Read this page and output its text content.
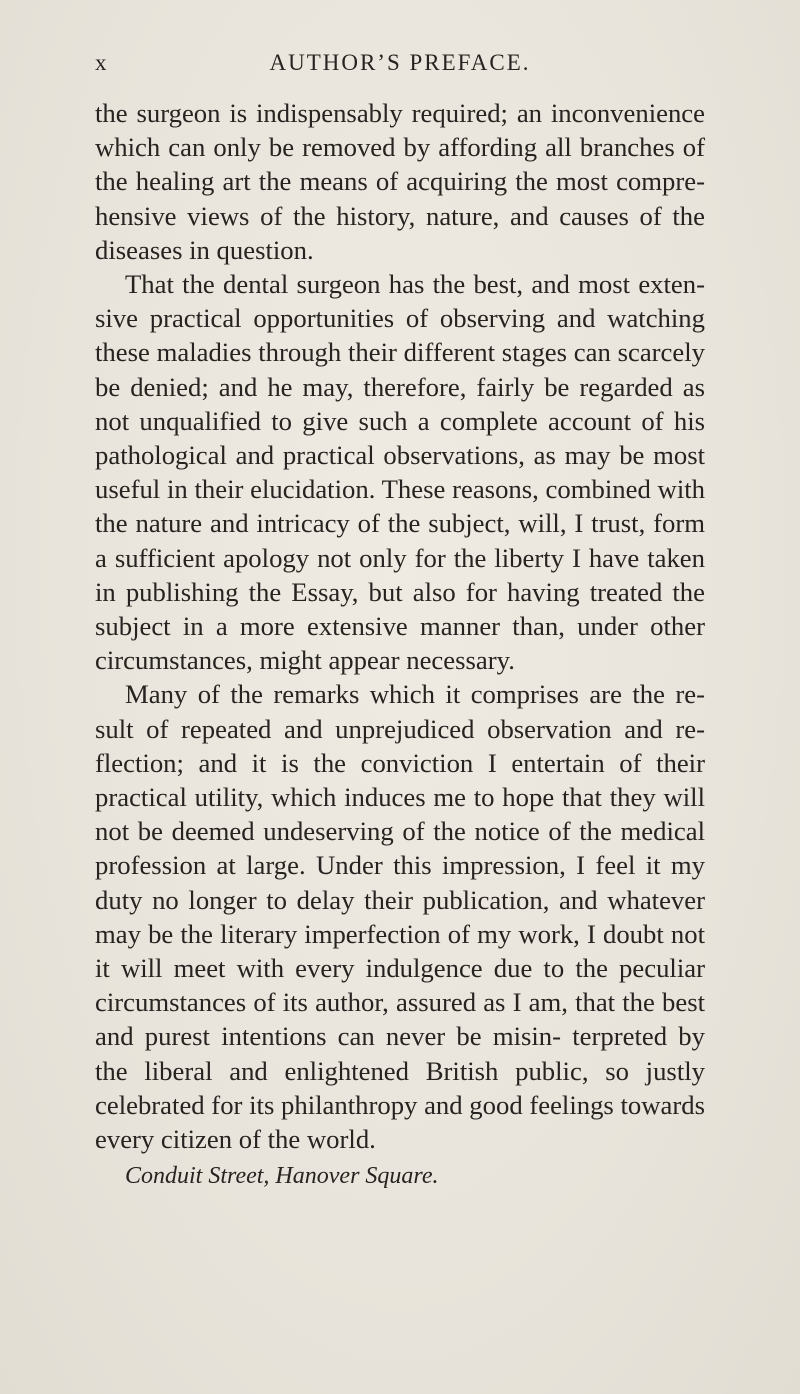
x	AUTHOR’S PREFACE.

the surgeon is indispensably required; an inconvenience which can only be removed by affording all branches of the healing art the means of acquiring the most compre- hensive views of the history, nature, and causes of the diseases in question.

That the dental surgeon has the best, and most exten- sive practical opportunities of observing and watching these maladies through their different stages can scarcely be denied; and he may, therefore, fairly be regarded as not unqualified to give such a complete account of his pathological and practical observations, as may be most useful in their elucidation. These reasons, combined with the nature and intricacy of the subject, will, I trust, form a sufficient apology not only for the liberty I have taken in publishing the Essay, but also for having treated the subject in a more extensive manner than, under other circumstances, might appear necessary.

Many of the remarks which it comprises are the re- sult of repeated and unprejudiced observation and re- flection; and it is the conviction I entertain of their practical utility, which induces me to hope that they will not be deemed undeserving of the notice of the medical profession at large. Under this impression, I feel it my duty no longer to delay their publication, and whatever may be the literary imperfection of my work, I doubt not it will meet with every indulgence due to the peculiar circumstances of its author, assured as I am, that the best and purest intentions can never be misin- terpreted by the liberal and enlightened British public, so justly celebrated for its philanthropy and good feelings towards every citizen of the world.

Conduit Street, Hanover Square.
